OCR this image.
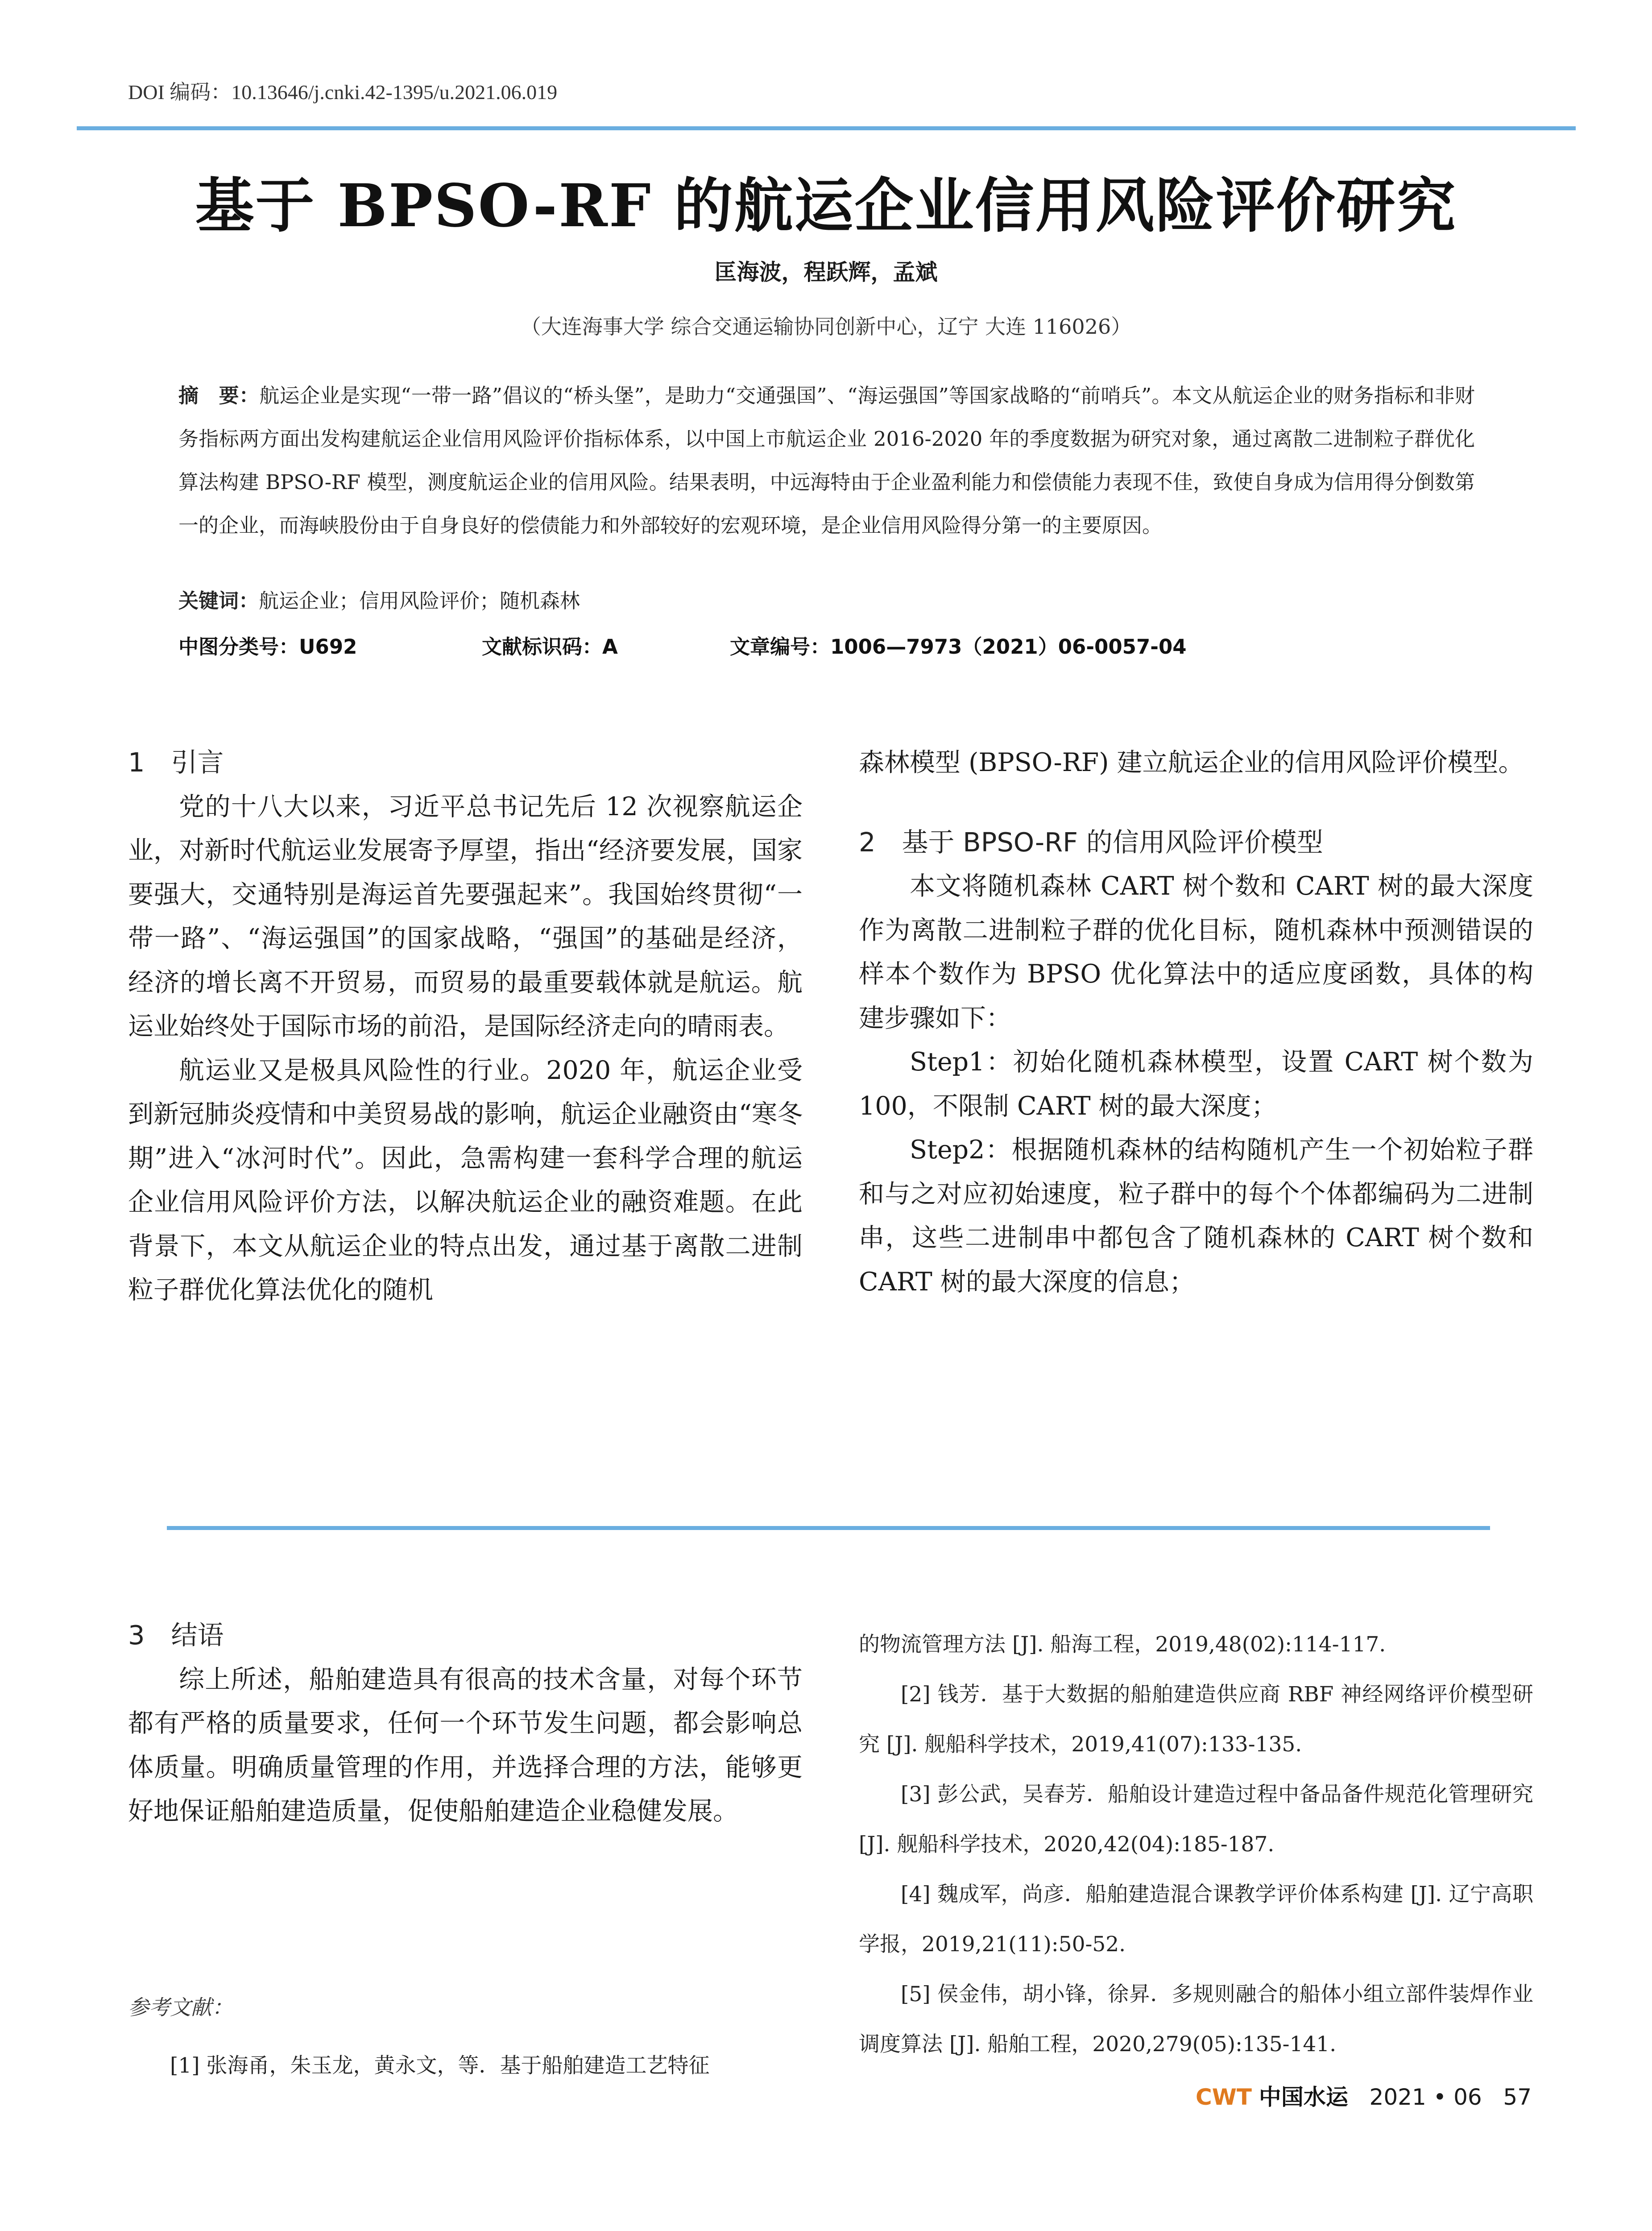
DOI 编码：10.13646/j.cnki.42-1395/u.2021.06.019
基于 BPSO-RF 的航运企业信用风险评价研究
匡海波，程跃辉，孟斌
（大连海事大学 综合交通运输协同创新中心，辽宁 大连 116026）
摘　要：航运企业是实现“一带一路”倡议的“桥头堡”，是助力“交通强国”、“海运强国”等国家战略的“前哨兵”。本文从航运企业的财务指标和非财务指标两方面出发构建航运企业信用风险评价指标体系，以中国上市航运企业 2016-2020 年的季度数据为研究对象，通过离散二进制粒子群优化算法构建 BPSO-RF 模型，测度航运企业的信用风险。结果表明，中远海特由于企业盈利能力和偿债能力表现不佳，致使自身成为信用得分倒数第一的企业，而海峡股份由于自身良好的偿债能力和外部较好的宏观环境，是企业信用风险得分第一的主要原因。
关键词：航运企业；信用风险评价；随机森林
中图分类号：U692	文献标识码：A	文章编号：1006—7973（2021）06-0057-04
1　引言

党的十八大以来，习近平总书记先后 12 次视察航运企业，对新时代航运业发展寄予厚望，指出“经济要发展，国家要强大，交通特别是海运首先要强起来”。我国始终贯彻“一带一路”、“海运强国”的国家战略，“强国”的基础是经济，经济的增长离不开贸易，而贸易的最重要载体就是航运。航运业始终处于国际市场的前沿，是国际经济走向的晴雨表。

航运业又是极具风险性的行业。2020 年，航运企业受到新冠肺炎疫情和中美贸易战的影响，航运企业融资由“寒冬期”进入“冰河时代”。因此，急需构建一套科学合理的航运企业信用风险评价方法，以解决航运企业的融资难题。在此背景下，本文从航运企业的特点出发，通过基于离散二进制粒子群优化算法优化的随机

森林模型 (BPSO-RF) 建立航运企业的信用风险评价模型。

2　基于 BPSO-RF 的信用风险评价模型

本文将随机森林 CART 树个数和 CART 树的最大深度作为离散二进制粒子群的优化目标，随机森林中预测错误的样本个数作为 BPSO 优化算法中的适应度函数，具体的构建步骤如下：

Step1：初始化随机森林模型，设置 CART 树个数为 100，不限制 CART 树的最大深度；

Step2：根据随机森林的结构随机产生一个初始粒子群和与之对应初始速度，粒子群中的每个个体都编码为二进制串，这些二进制串中都包含了随机森林的 CART 树个数和 CART 树的最大深度的信息；

3　结语

综上所述，船舶建造具有很高的技术含量，对每个环节都有严格的质量要求，任何一个环节发生问题，都会影响总体质量。明确质量管理的作用，并选择合理的方法，能够更好地保证船舶建造质量，促使船舶建造企业稳健发展。

参考文献：

[1] 张海甬，朱玉龙，黄永文，等．基于船舶建造工艺特征

的物流管理方法 [J]. 船海工程，2019,48(02):114-117.

[2] 钱芳．基于大数据的船舶建造供应商 RBF 神经网络评价模型研究 [J]. 舰船科学技术，2019,41(07):133-135.

[3] 彭公武，吴春芳．船舶设计建造过程中备品备件规范化管理研究 [J]. 舰船科学技术，2020,42(04):185-187.

[4] 魏成军，尚彦．船舶建造混合课教学评价体系构建 [J]. 辽宁高职学报，2019,21(11):50-52.

[5] 侯金伟，胡小锋，徐昇．多规则融合的船体小组立部件装焊作业调度算法 [J]. 船舶工程，2020,279(05):135-141.

CWT 中国水运 2021 • 06 57
